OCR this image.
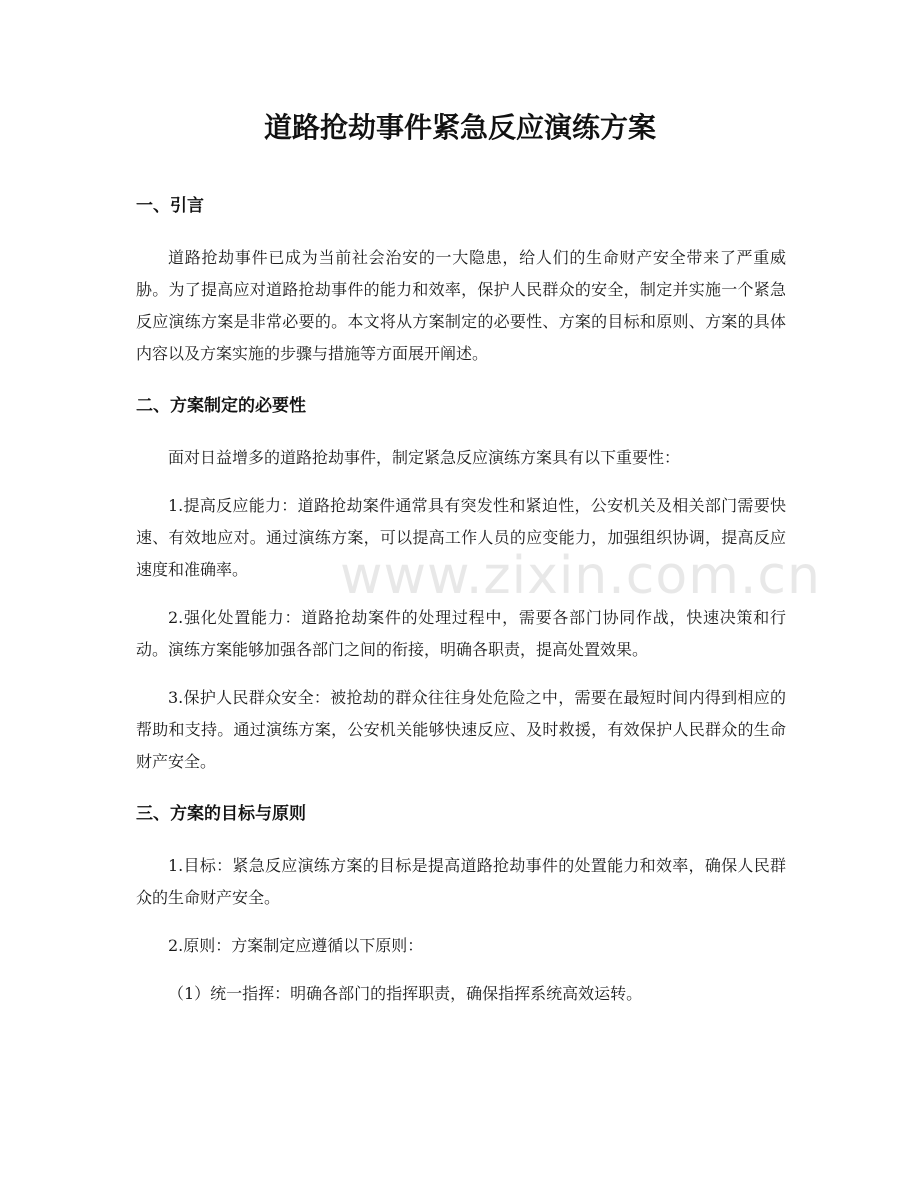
道路抢劫事件紧急反应演练方案
一、引言

道路抢劫事件已成为当前社会治安的一大隐患，给人们的生命财产安全带来了严重威胁。为了提高应对道路抢劫事件的能力和效率，保护人民群众的安全，制定并实施一个紧急反应演练方案是非常必要的。本文将从方案制定的必要性、方案的目标和原则、方案的具体内容以及方案实施的步骤与措施等方面展开阐述。

二、方案制定的必要性

面对日益增多的道路抢劫事件，制定紧急反应演练方案具有以下重要性：

1.提高反应能力：道路抢劫案件通常具有突发性和紧迫性，公安机关及相关部门需要快速、有效地应对。通过演练方案，可以提高工作人员的应变能力，加强组织协调，提高反应速度和准确率。

2.强化处置能力：道路抢劫案件的处理过程中，需要各部门协同作战，快速决策和行动。演练方案能够加强各部门之间的衔接，明确各职责，提高处置效果。

3.保护人民群众安全：被抢劫的群众往往身处危险之中，需要在最短时间内得到相应的帮助和支持。通过演练方案，公安机关能够快速反应、及时救援，有效保护人民群众的生命财产安全。

三、方案的目标与原则

1.目标：紧急反应演练方案的目标是提高道路抢劫事件的处置能力和效率，确保人民群众的生命财产安全。

2.原则：方案制定应遵循以下原则：

（1）统一指挥：明确各部门的指挥职责，确保指挥系统高效运转。

www.zixin.com.cn
